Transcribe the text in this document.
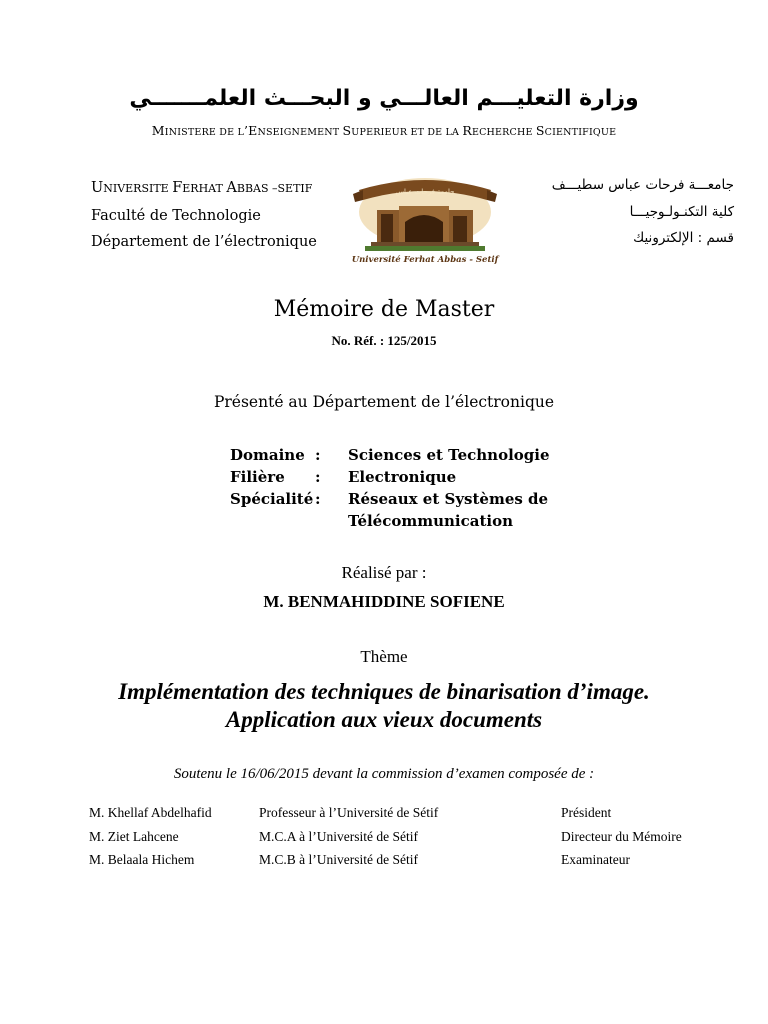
وزارة التعليـــم العالـــي و البحـــث العلمـــــــي
MINISTERE DE L’ENSEIGNEMENT SUPERIEUR ET DE LA RECHERCHE SCIENTIFIQUE
UNIVERSITE FERHAT ABBAS –SETIF
Faculté de Technologie
Département de l’électronique
جامعة فرحات عباس
Université Ferhat Abbas - Setif
جامعـــة فرحات عباس سطيـــف
كلية التكنـولـوجيـــا
قسم : الإلكترونيك
Mémoire de Master
No. Réf. : 125/2015
Présenté au Département de l’électronique
Domaine :	Sciences et Technologie
Filière	:	Electronique
Spécialité :	Réseaux et Systèmes de
Télécommunication
Réalisé par :
M. BENMAHIDDINE SOFIENE
Thème
Implémentation des techniques de binarisation d’image.
Application aux vieux documents
Soutenu le 16/06/2015 devant la commission d’examen composée de :
M. Khellaf Abdelhafid	Professeur à l’Université de Sétif	Président
M. Ziet Lahcene	M.C.A à l’Université de Sétif	Directeur du Mémoire
M. Belaala Hichem	M.C.B à l’Université de Sétif	Examinateur
